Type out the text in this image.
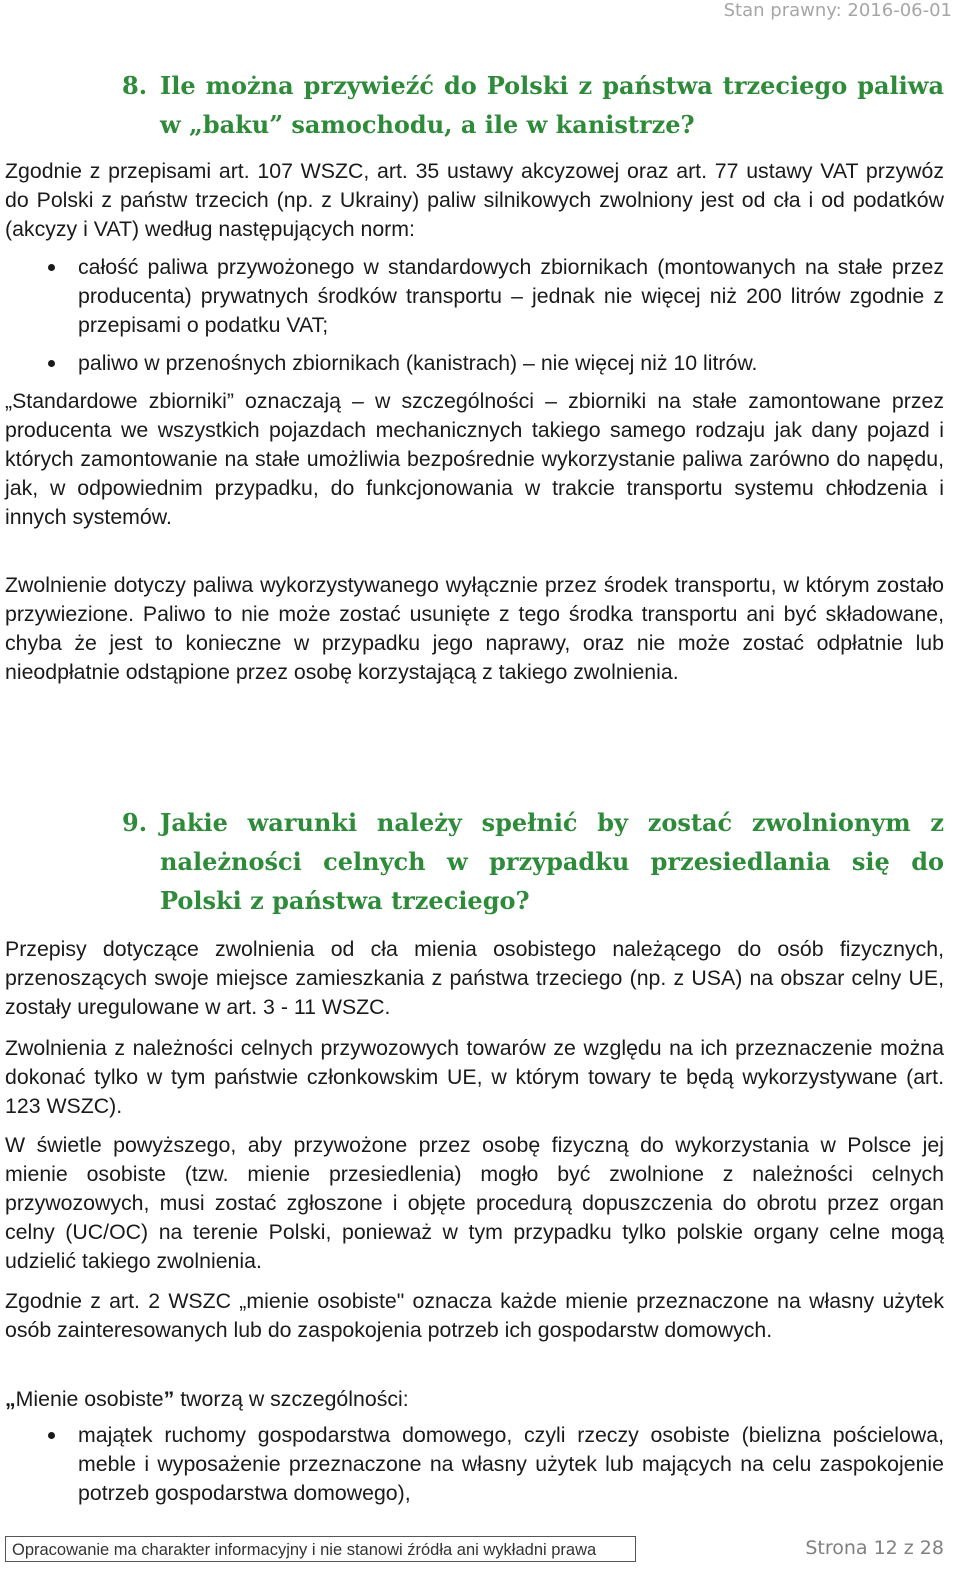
Stan prawny: 2016-06-01
8. Ile można przywieźć do Polski z państwa trzeciego paliwa w „baku” samochodu, a ile w kanistrze?
Zgodnie z przepisami art. 107 WSZC, art. 35 ustawy akcyzowej oraz art. 77 ustawy VAT przywóz do Polski z państw trzecich (np. z Ukrainy) paliw silnikowych zwolniony jest od cła i od podatków (akcyzy i VAT) według następujących norm:
całość paliwa przywożonego w standardowych zbiornikach (montowanych na stałe przez producenta) prywatnych środków transportu – jednak nie więcej niż 200 litrów zgodnie z przepisami o podatku VAT;
paliwo w przenośnych zbiornikach (kanistrach) – nie więcej niż 10 litrów.
„Standardowe zbiorniki” oznaczają – w szczególności – zbiorniki na stałe zamontowane przez producenta we wszystkich pojazdach mechanicznych takiego samego rodzaju jak dany pojazd i których zamontowanie na stałe umożliwia bezpośrednie wykorzystanie paliwa zarówno do napędu, jak, w odpowiednim przypadku, do funkcjonowania w trakcie transportu systemu chłodzenia i innych systemów.
Zwolnienie dotyczy paliwa wykorzystywanego wyłącznie przez środek transportu, w którym zostało przywiezione. Paliwo to nie może zostać usunięte z tego środka transportu ani być składowane, chyba że jest to konieczne w przypadku jego naprawy, oraz nie może zostać odpłatnie lub nieodpłatnie odstąpione przez osobę korzystającą z takiego zwolnienia.
9. Jakie warunki należy spełnić by zostać zwolnionym z należności celnych w przypadku przesiedlania się do Polski z państwa trzeciego?
Przepisy dotyczące zwolnienia od cła mienia osobistego należącego do osób fizycznych, przenoszących swoje miejsce zamieszkania z państwa trzeciego (np. z USA) na obszar celny UE, zostały uregulowane w art. 3 - 11 WSZC.
Zwolnienia z należności celnych przywozowych towarów ze względu na ich przeznaczenie można dokonać tylko w tym państwie członkowskim UE, w którym towary te będą wykorzystywane (art. 123 WSZC).
W świetle powyższego, aby przywożone przez osobę fizyczną do wykorzystania w Polsce jej mienie osobiste (tzw. mienie przesiedlenia) mogło być zwolnione z należności celnych przywozowych, musi zostać zgłoszone i objęte procedurą dopuszczenia do obrotu przez organ celny (UC/OC) na terenie Polski, ponieważ w tym przypadku tylko polskie organy celne mogą udzielić takiego zwolnienia.
Zgodnie z art. 2 WSZC „mienie osobiste" oznacza każde mienie przeznaczone na własny użytek osób zainteresowanych lub do zaspokojenia potrzeb ich gospodarstw domowych.
„Mienie osobiste” tworzą w szczególności:
majątek ruchomy gospodarstwa domowego, czyli rzeczy osobiste (bielizna pościelowa, meble i wyposażenie przeznaczone na własny użytek lub mających na celu zaspokojenie potrzeb gospodarstwa domowego),
Opracowanie ma charakter informacyjny i nie stanowi źródła ani wykładni prawa	Strona 12 z 28
